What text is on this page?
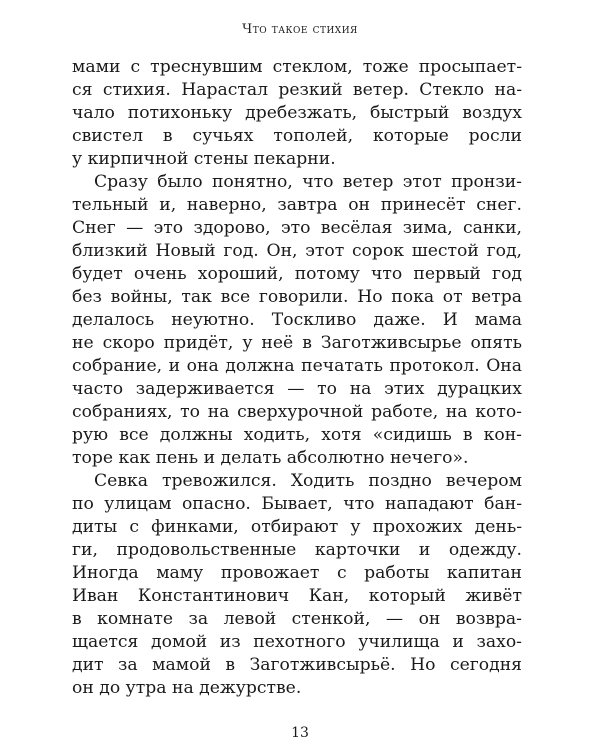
Что такое стихия
мами с треснувшим стеклом, тоже просыпает-
ся стихия. Нарастал резкий ветер. Стекло на-
чало потихоньку дребезжать, быстрый воздух
свистел в сучьях тополей, которые росли
у кирпичной стены пекарни.
Сразу было понятно, что ветер этот пронзи-
тельный и, наверно, завтра он принесёт снег.
Снег — это здорово, это весёлая зима, санки,
близкий Новый год. Он, этот сорок шестой год,
будет очень хороший, потому что первый год
без войны, так все говорили. Но пока от ветра
делалось неуютно. Тоскливо даже. И мама
не скоро придёт, у неё в Заготживсырье опять
собрание, и она должна печатать протокол. Она
часто задерживается — то на этих дурацких
собраниях, то на сверхурочной работе, на кото-
рую все должны ходить, хотя «сидишь в кон-
торе как пень и делать абсолютно нечего».
Севка тревожился. Ходить поздно вечером
по улицам опасно. Бывает, что нападают бан-
диты с финками, отбирают у прохожих день-
ги, продовольственные карточки и одежду.
Иногда маму провожает с работы капитан
Иван Константинович Кан, который живёт
в комнате за левой стенкой, — он возвра-
щается домой из пехотного училища и захо-
дит за мамой в Заготживсырьё. Но сегодня
он до утра на дежурстве.
13
